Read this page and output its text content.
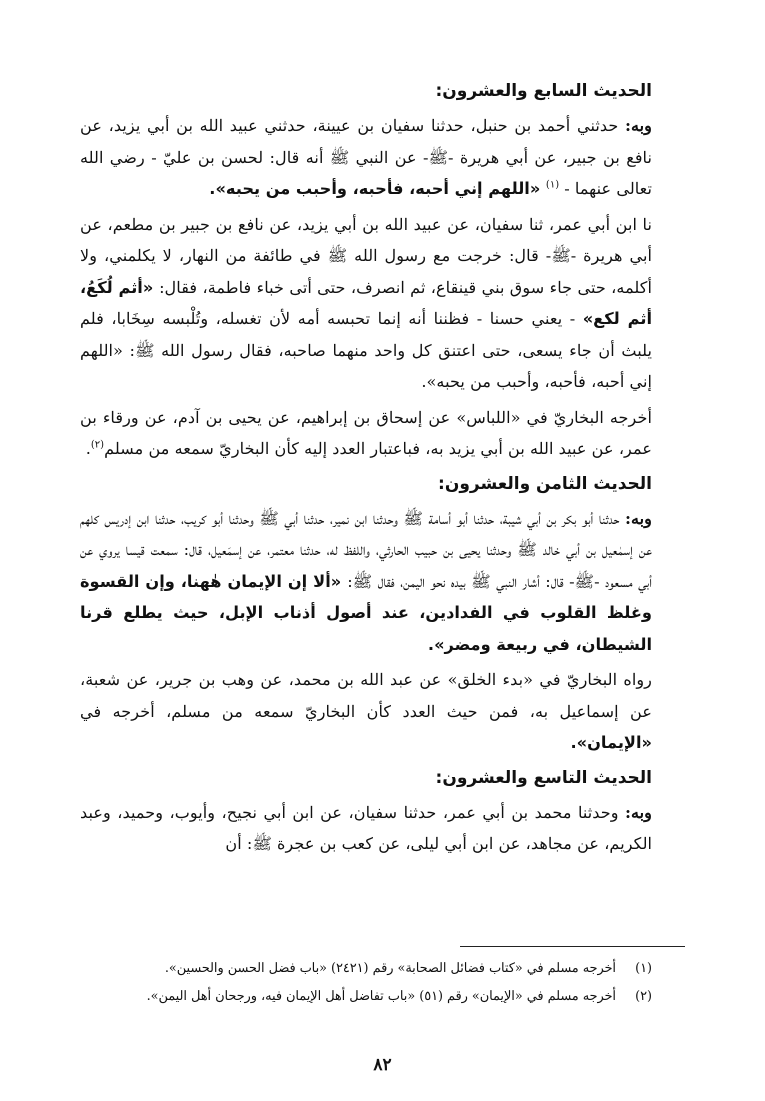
الحديث السابع والعشرون:

وبه: حدثني أحمد بن حنبل، حدثنا سفيان بن عيينة، حدثني عبيد الله بن أبي يزيد، عن نافع بن جبير، عن أبي هريرة -ﷺ- عن النبي ﷺ أنه قال: لحسن بن عليّ - رضي الله تعالى عنهما - $^{(١)}$ «اللهم إني أحبه، فأحبه، وأحبب من يحبه».

نا ابن أبي عمر، ثنا سفيان، عن عبيد الله بن أبي يزيد، عن نافع بن جبير بن مطعم، عن أبي هريرة -ﷺ- قال: خرجت مع رسول الله ﷺ في طائفة من النهار، لا يكلمني، ولا أكلمه، حتى جاء سوق بني قينقاع، ثم انصرف، حتى أتى خباء فاطمة، فقال: «أثم لُكَعُ، أثم لكع» - يعني حسنا - فظننا أنه إنما تحبسه أمه لأن تغسله، وتُلْبسه سِخَابا، فلم يلبث أن جاء يسعى، حتى اعتنق كل واحد منهما صاحبه، فقال رسول الله ﷺ: «اللهم إني أحبه، فأحبه، وأحبب من يحبه».

أخرجه البخاريّ في «اللباس» عن إسحاق بن إبراهيم، عن يحيى بن آدم، عن ورقاء بن عمر، عن عبيد الله بن أبي يزيد به، فباعتبار العدد إليه كأن البخاريّ سمعه من مسلم$^{(٢)}$.

الحديث الثامن والعشرون:

وبه: حدثنا أبو بكر بن أبي شيبة، حدثنا أبو أسامة ﷺ وحدثنا ابن نمير، حدثنا أبي ﷺ وحدثنا أبو كريب، حدثنا ابن إدريس كلهم عن إسمٰعيل بن أبي خالد ﷺ وحدثنا يحيى بن حبيب الحارثي، واللفظ له، حدثنا معتمر، عن إسمَعيل، قال: سمعت قيسا يروي عن أبي مسعود -ﷺ- قال: أشار النبي ﷺ بيده نحو اليمن، فقال ﷺ: «ألا إن الإيمان هٰهنا، وإن القسوة وغلظ القلوب في الفدادين، عند أصول أذناب الإبل، حيث يطلع قرنا الشيطان، في ربيعة ومضر».

رواه البخاريّ في «بدء الخلق» عن عبد الله بن محمد، عن وهب بن جرير، عن شعبة، عن إسماعيل به، فمن حيث العدد كأن البخاريّ سمعه من مسلم، أخرجه في «الإيمان».

الحديث التاسع والعشرون:

وبه: وحدثنا محمد بن أبي عمر، حدثنا سفيان، عن ابن أبي نجيح، وأيوب، وحميد، وعبد الكريم، عن مجاهد، عن ابن أبي ليلى، عن كعب بن عجرة ﷺ: أن

(١)
أخرجه مسلم في «كتاب فضائل الصحابة» رقم (٢٤٢١) «باب فضل الحسن والحسين».
(٢)
أخرجه مسلم في «الإيمان» رقم (٥١) «باب تفاضل أهل الإيمان فيه، ورجحان أهل اليمن».
٨٢
